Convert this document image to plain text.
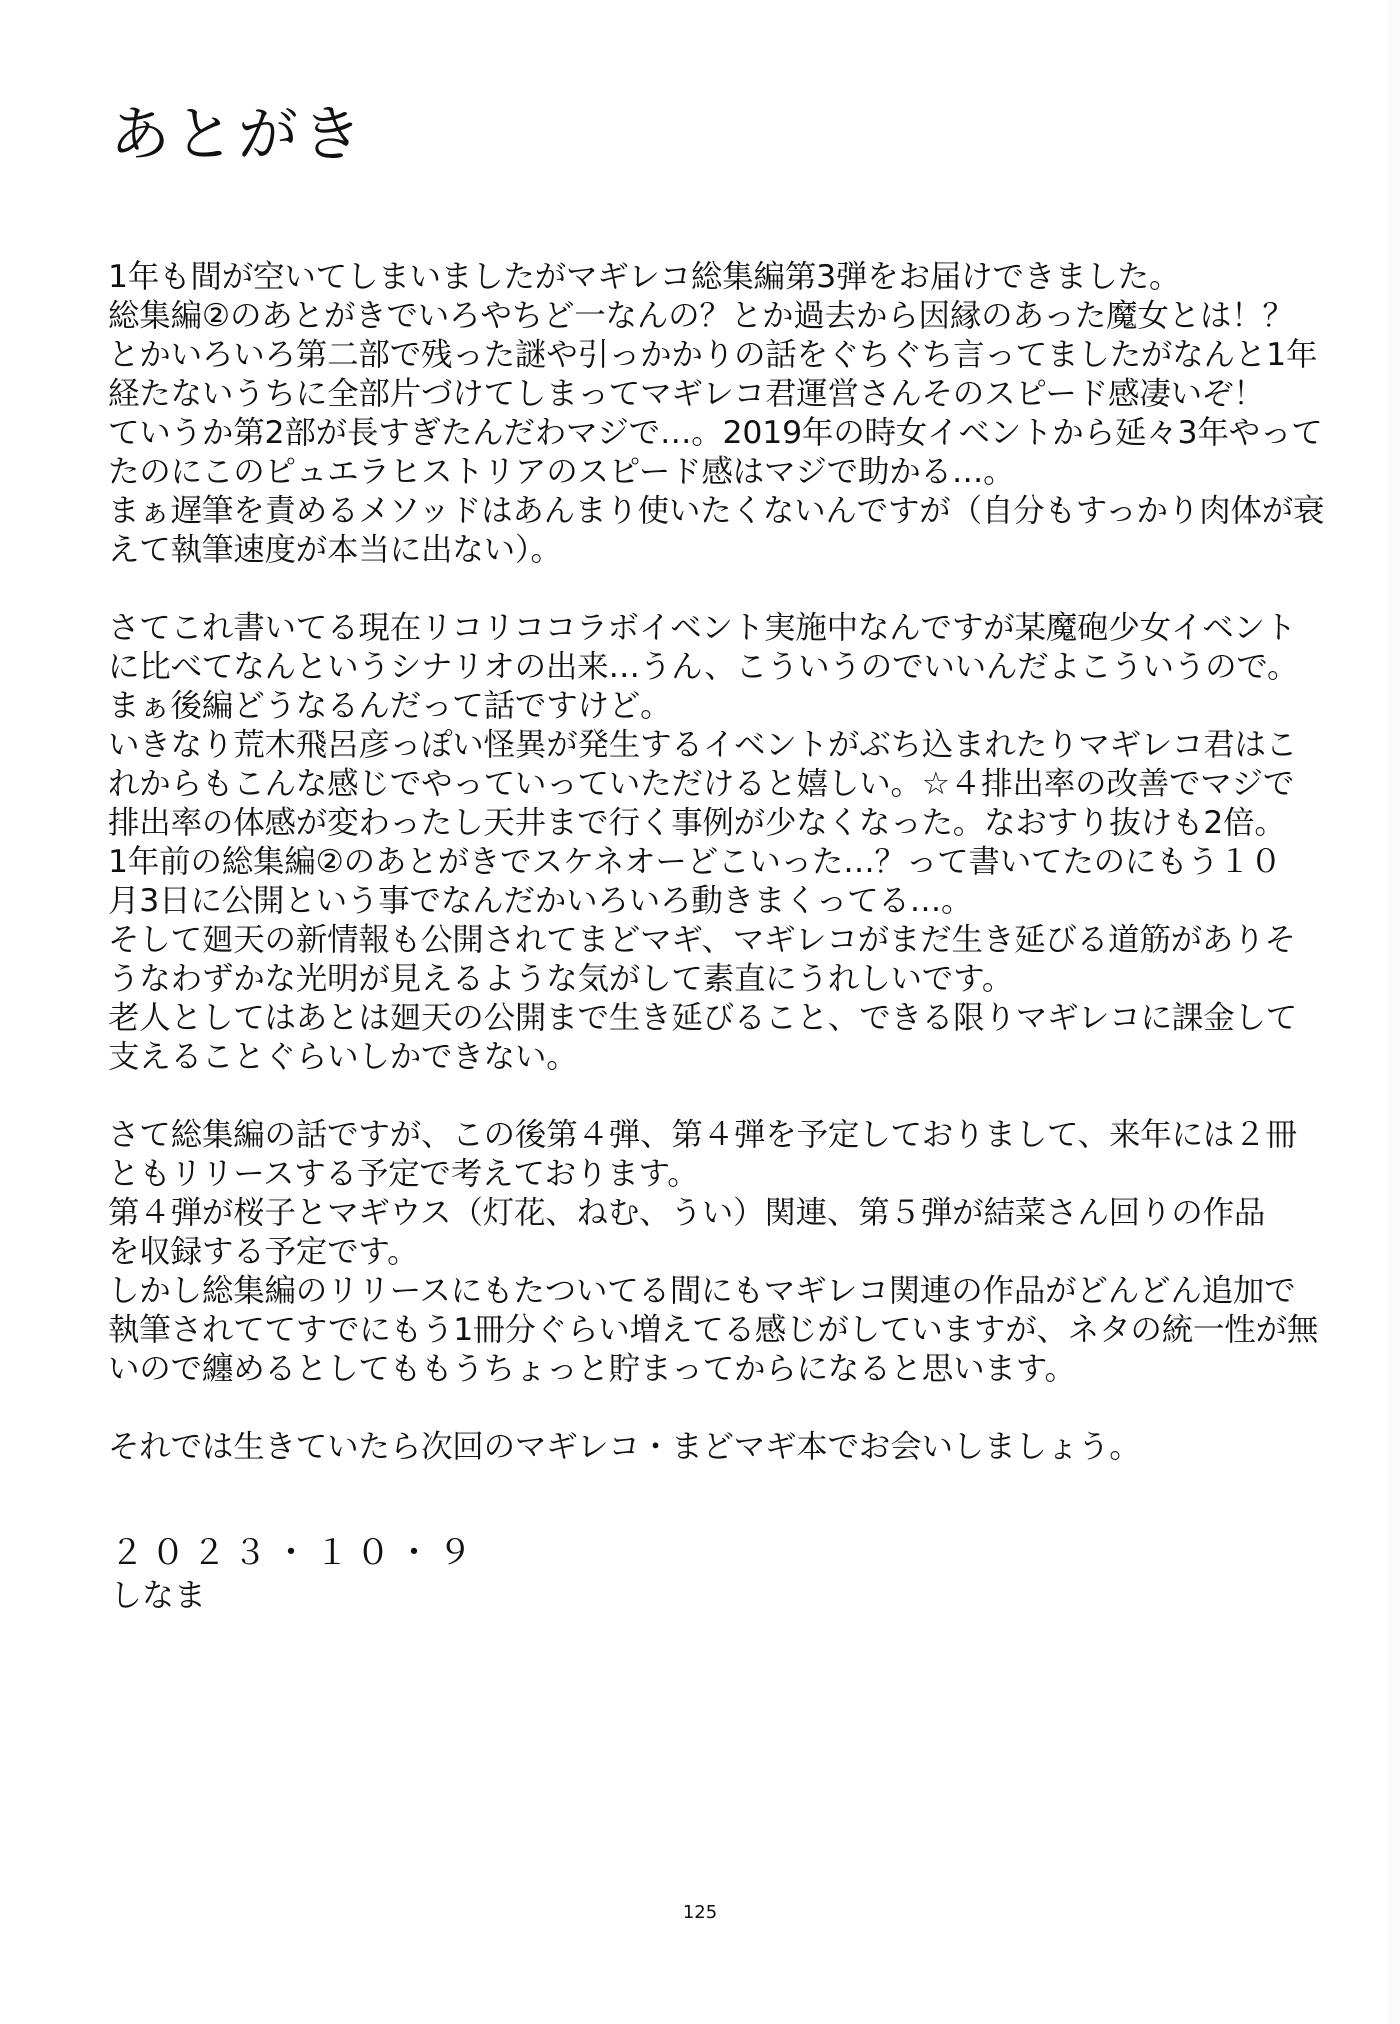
あとがき
1年も間が空いてしまいましたがマギレコ総集編第3弾をお届けできました。
総集編②のあとがきでいろやちど一なんの？とか過去から因縁のあった魔女とは！？
とかいろいろ第二部で残った謎や引っかかりの話をぐちぐち言ってましたがなんと1年
経たないうちに全部片づけてしまってマギレコ君運営さんそのスピード感凄いぞ！
ていうか第2部が長すぎたんだわマジで…。2019年の時女イベントから延々3年やって
たのにこのピュエラヒストリアのスピード感はマジで助かる…。
まぁ遅筆を責めるメソッドはあんまり使いたくないんですが（自分もすっかり肉体が衰
えて執筆速度が本当に出ない）。
さてこれ書いてる現在リコリココラボイベント実施中なんですが某魔砲少女イベント
に比べてなんというシナリオの出来…うん、こういうのでいいんだよこういうので。
まぁ後編どうなるんだって話ですけど。
いきなり荒木飛呂彦っぽい怪異が発生するイベントがぶち込まれたりマギレコ君はこ
れからもこんな感じでやっていっていただけると嬉しい。☆４排出率の改善でマジで
排出率の体感が変わったし天井まで行く事例が少なくなった。なおすり抜けも2倍。
1年前の総集編②のあとがきでスケネオーどこいった…？って書いてたのにもう１０
月3日に公開という事でなんだかいろいろ動きまくってる…。
そして廻天の新情報も公開されてまどマギ、マギレコがまだ生き延びる道筋がありそ
うなわずかな光明が見えるような気がして素直にうれしいです。
老人としてはあとは廻天の公開まで生き延びること、できる限りマギレコに課金して
支えることぐらいしかできない。
さて総集編の話ですが、この後第４弾、第４弾を予定しておりまして、来年には２冊
ともリリースする予定で考えております。
第４弾が桜子とマギウス（灯花、ねむ、うい）関連、第５弾が結菜さん回りの作品
を収録する予定です。
しかし総集編のリリースにもたついてる間にもマギレコ関連の作品がどんどん追加で
執筆されててすでにもう1冊分ぐらい増えてる感じがしていますが、ネタの統一性が無
いので纏めるとしてももうちょっと貯まってからになると思います。
それでは生きていたら次回のマギレコ・まどマギ本でお会いしましょう。
２０２３・１０・９
しなま
125
